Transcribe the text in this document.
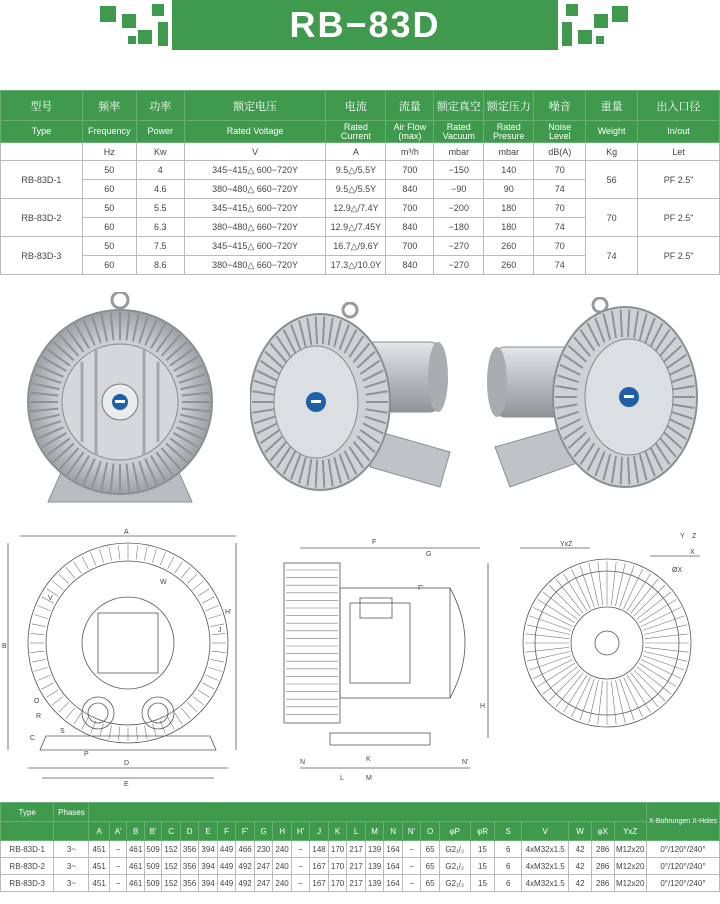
RB−83D
型号	频率	功率	额定电压	电流	流量	额定真空	额定压力	噪音	重量	出入口径
Type	Frequency	Power	Rated Voltage	Rated Current	Air Flow (max)	Rated Vacuum	Rated Presure	Noise Level	Weight	In/out
	Hz	Kw	V	A	m³/h	mbar	mbar	dB(A)	Kg	Let
RB-83D-1	50	4	345−415△ 600−720Y	9.5△/5.5Y	700	−150	140	70	56	PF 2.5"
	60	4.6	380−480△ 660−720Y	9.5△/5.5Y	840	−90	90	74		
RB-83D-2	50	5.5	345−415△ 600−720Y	12.9△/7.4Y	700	−200	180	70	70	PF 2.5"
	60	6.3	380−480△ 660−720Y	12.9△/7.45Y	840	−180	180	74		
RB-83D-3	50	7.5	345−415△ 600−720Y	16.7△/9.6Y	700	−270	260	70	74	PF 2.5"
	60	8.6	380−480△ 660−720Y	17.3△/10.0Y	840	−270	260	74		
A
B
C
D
E
F
F'
G
H
H'
J
K
L	M
N	N'
O
P
R
S
V
W
X
Y Z
YxZ
ØX
Type	Phases																											X-Bohrungen X-Holes
		A	A'	B	B'	C	D	E	F	F'	G	H	H'	J	K	L	M	N	N'	O	φP	φR	S	V	W	φX	YxZ	
RB-83D-1	3~	451	−	461	509	152	356	394	449	466	230	240	−	148	170	217	139	164	−	65	G2₁/₂	15	6	4xM32x1.5	42	286	M12x20	0°/120°/240°
RB-83D-2	3~	451	−	461	509	152	356	394	449	492	247	240	−	167	170	217	139	164	−	65	G2₁/₂	15	6	4xM32x1.5	42	286	M12x20	0°/120°/240°
RB-83D-3	3~	451	−	461	509	152	356	394	449	492	247	240	−	167	170	217	139	164	−	65	G2₁/₂	15	6	4xM32x1.5	42	286	M12x20	0°/120°/240°
